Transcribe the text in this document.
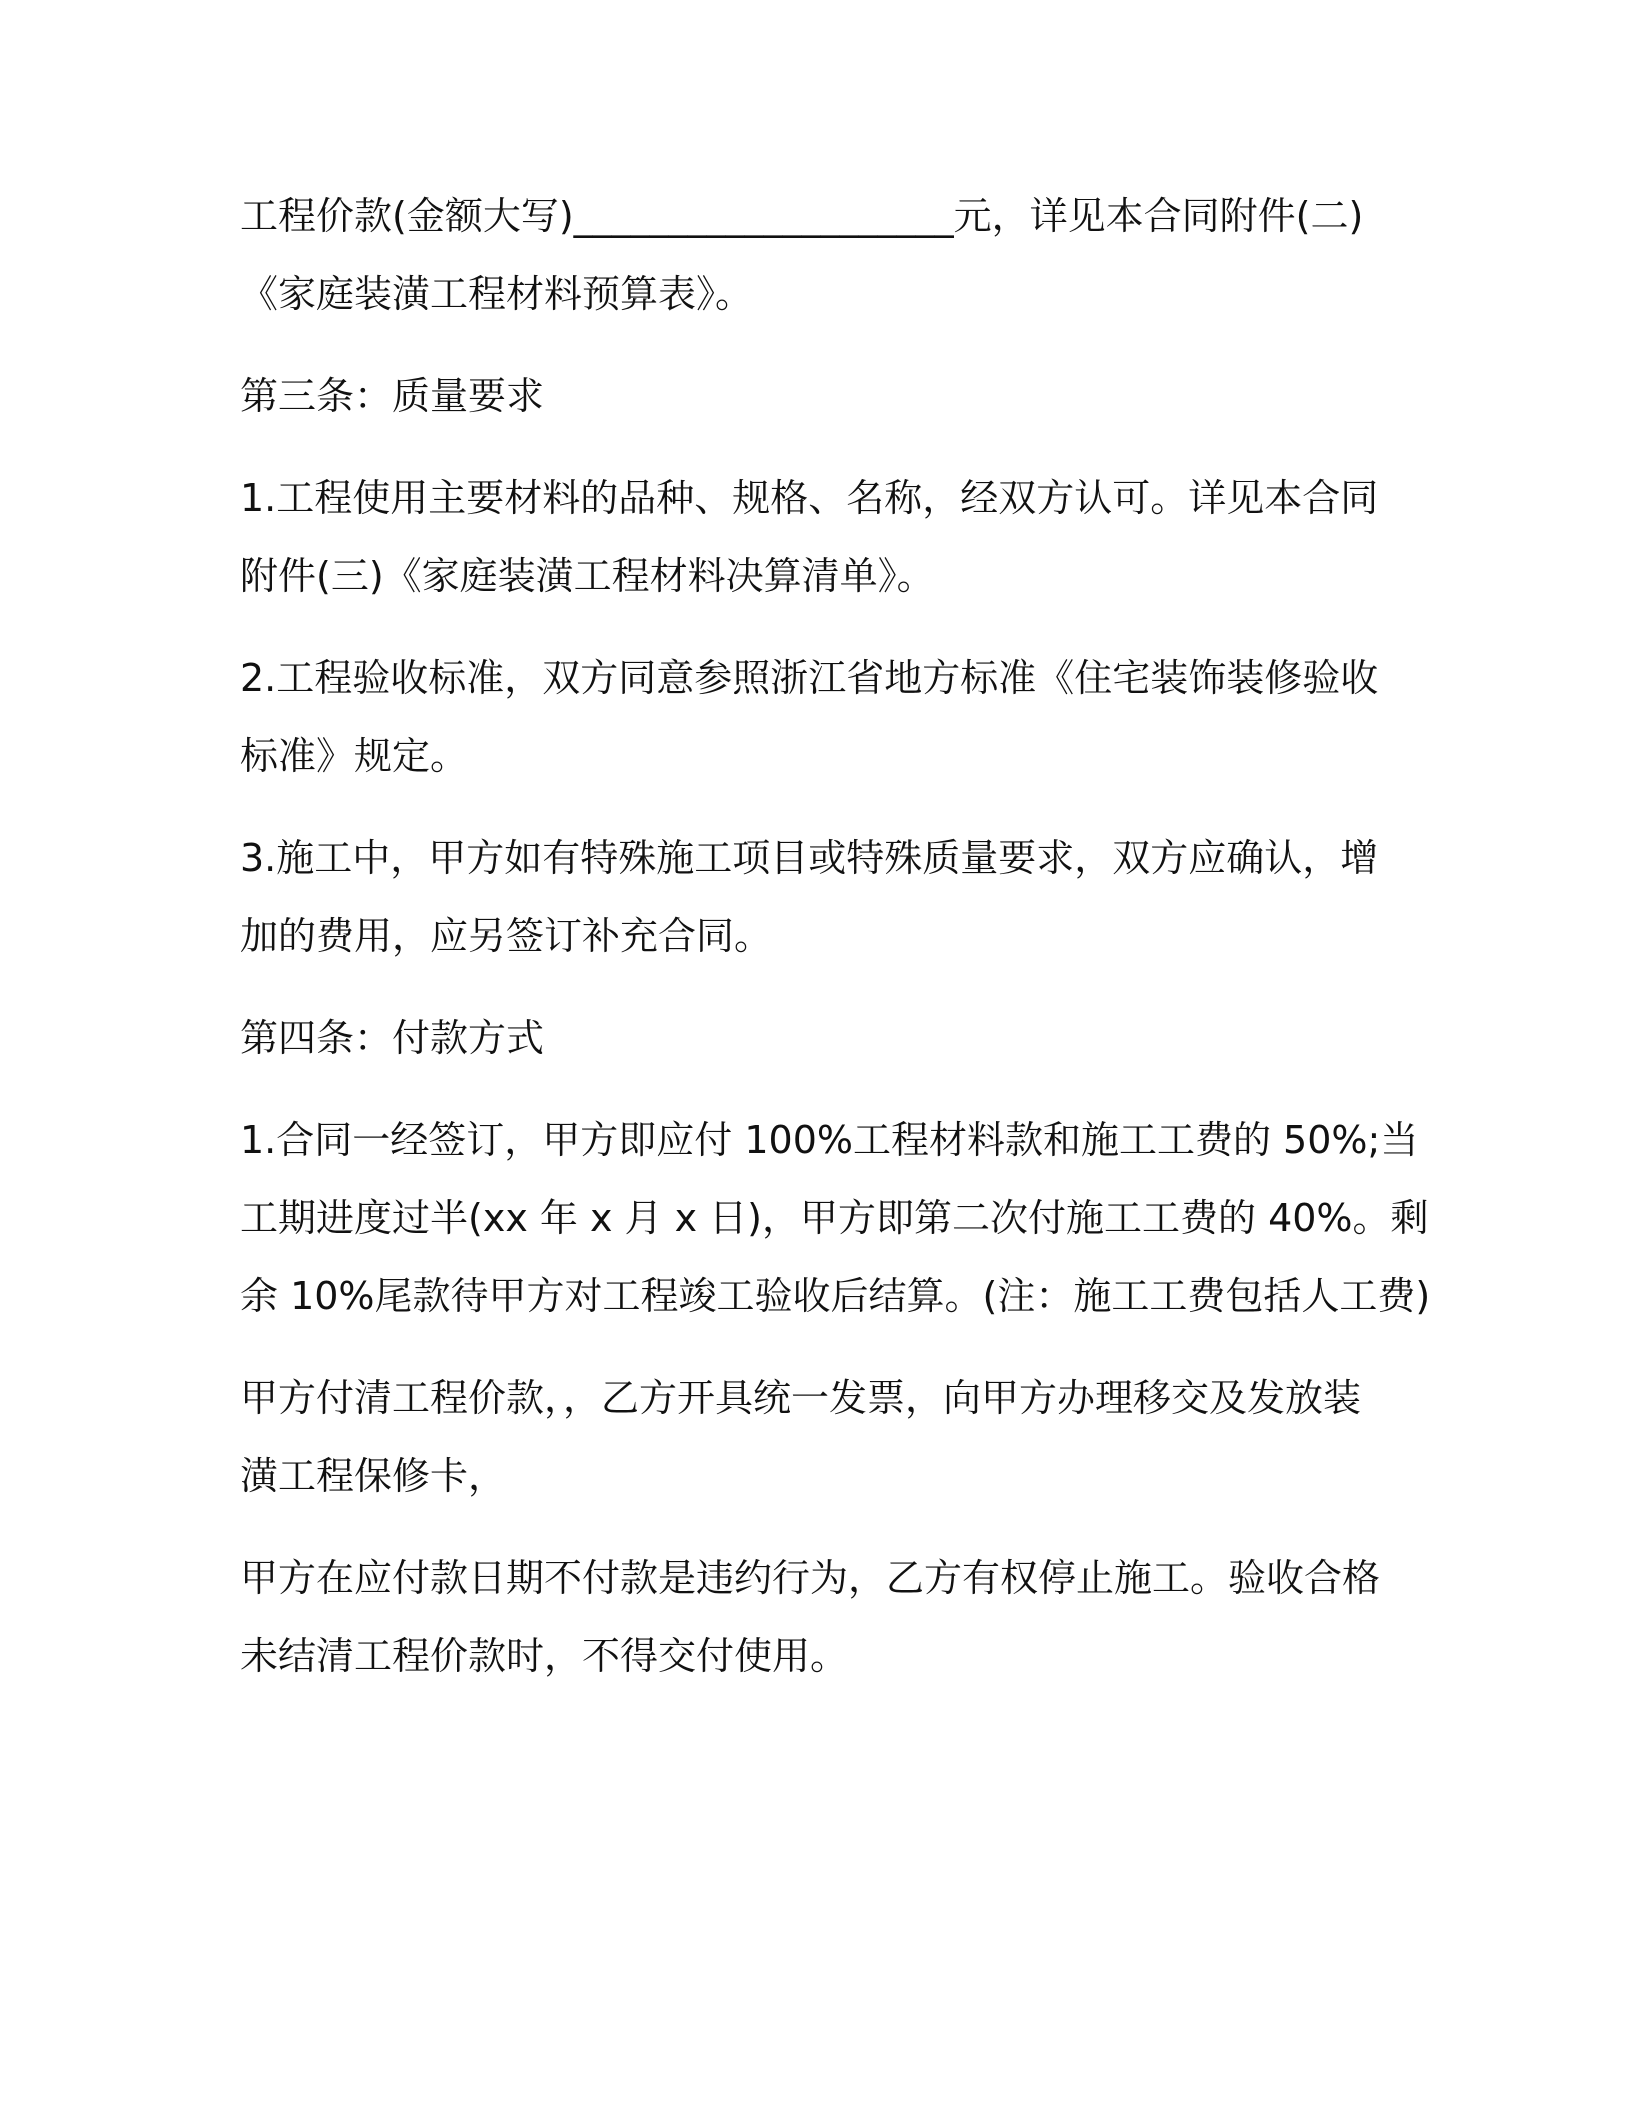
工程价款(金额大写)____________________元，详见本合同附件(二)
《家庭装潢工程材料预算表》。
第三条：质量要求
1.工程使用主要材料的品种、规格、名称，经双方认可。详见本合同
附件(三)《家庭装潢工程材料决算清单》。
2.工程验收标准，双方同意参照浙江省地方标准《住宅装饰装修验收
标准》规定。
3.施工中，甲方如有特殊施工项目或特殊质量要求，双方应确认，增
加的费用，应另签订补充合同。
第四条：付款方式
1.合同一经签订，甲方即应付 100%工程材料款和施工工费的 50%;当
工期进度过半(xx 年 x 月 x 日)，甲方即第二次付施工工费的 40%。剩
余 10%尾款待甲方对工程竣工验收后结算。(注：施工工费包括人工费)
甲方付清工程价款，，乙方开具统一发票，向甲方办理移交及发放装
潢工程保修卡，
甲方在应付款日期不付款是违约行为，乙方有权停止施工。验收合格
未结清工程价款时，不得交付使用。
